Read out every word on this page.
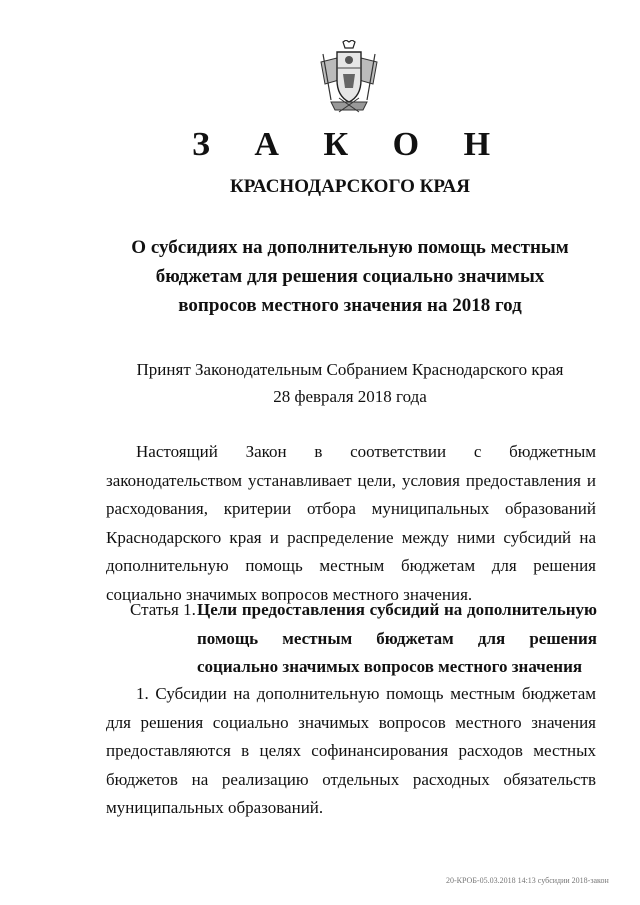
З А К О Н
КРАСНОДАРСКОГО КРАЯ
О субсидиях на дополнительную помощь местным бюджетам для решения социально значимых вопросов местного значения на 2018 год
Принят Законодательным Собранием Краснодарского края
28 февраля 2018 года
Настоящий Закон в соответствии с бюджетным законодательством устанавливает цели, условия предоставления и расходования, критерии отбора муниципальных образований Краснодарского края и распределение между ними субсидий на дополнительную помощь местным бюджетам для решения социально значимых вопросов местного значения.
Статья 1. Цели предоставления субсидий на дополнительную помощь местным бюджетам для решения социально значимых вопросов местного значения
1. Субсидии на дополнительную помощь местным бюджетам для решения социально значимых вопросов местного значения предоставляются в целях софинансирования расходов местных бюджетов на реализацию отдельных расходных обязательств муниципальных образований.
20-КРОБ-05.03.2018 14:13 субсидии 2018-закон
